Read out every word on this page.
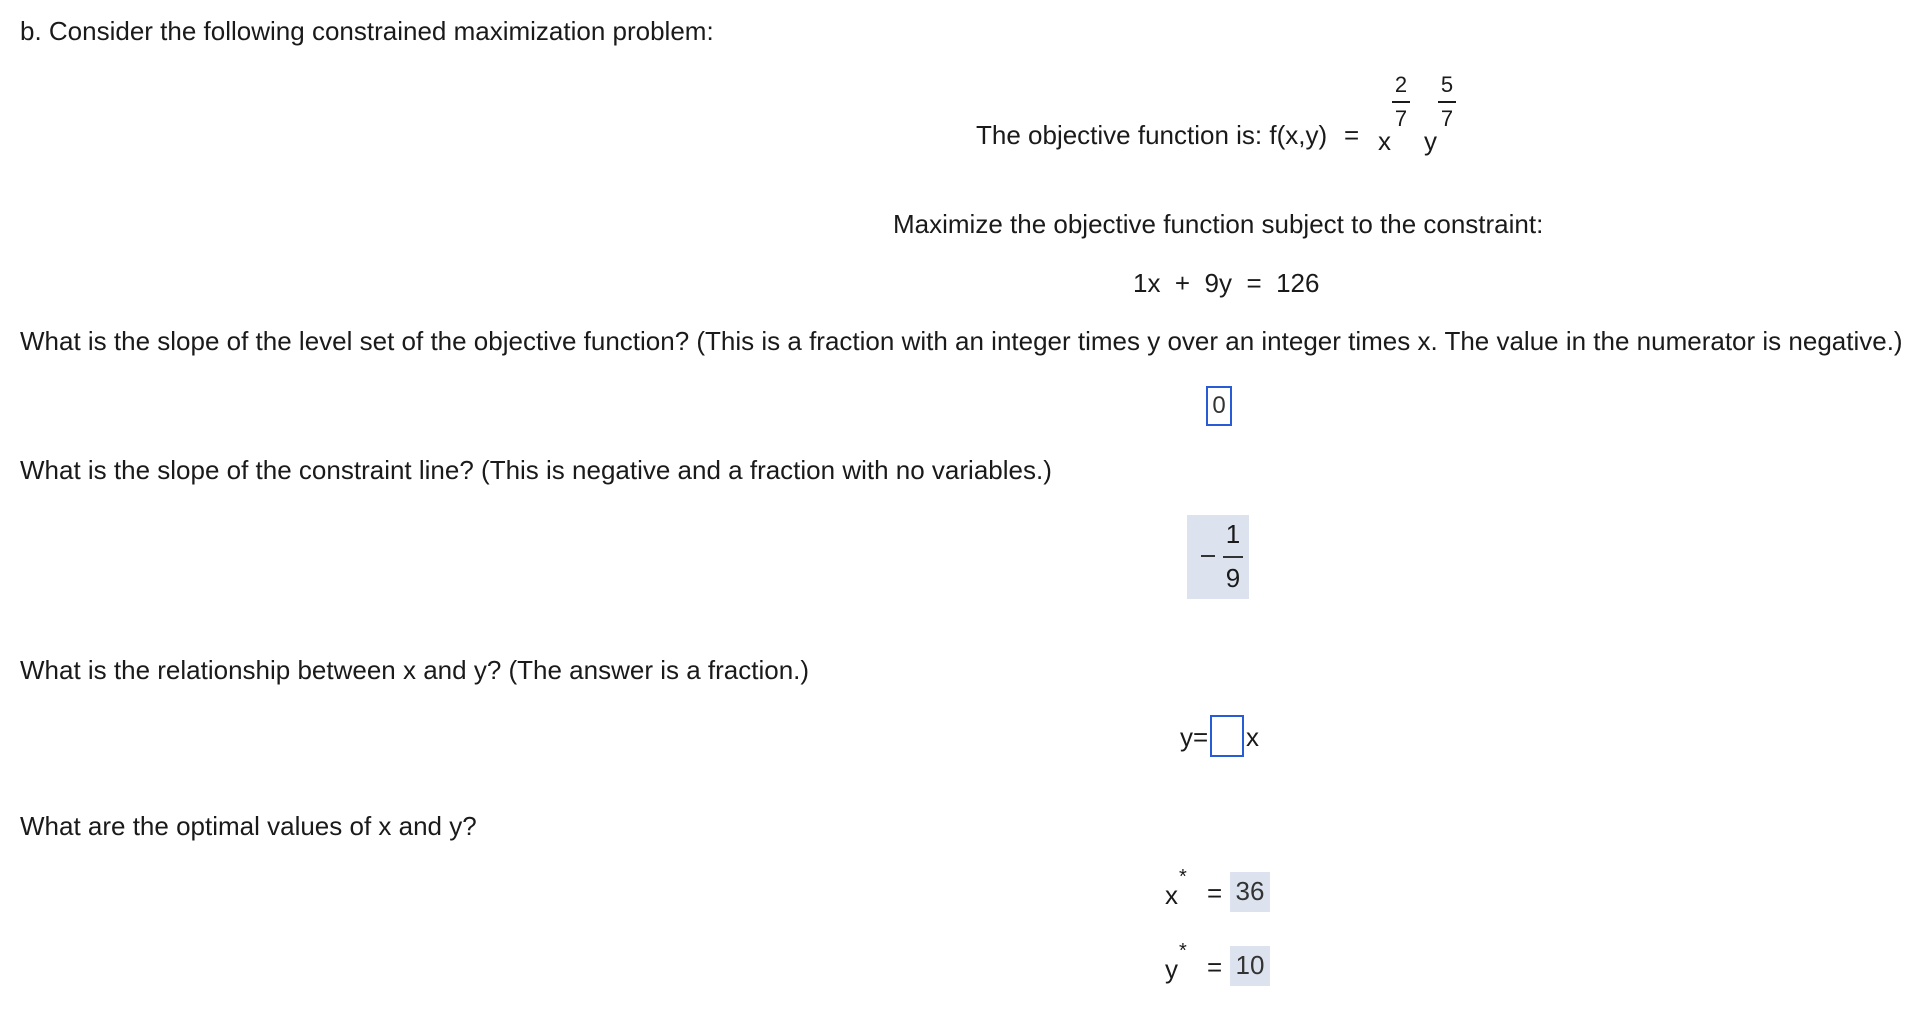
b. Consider the following constrained maximization problem:
The objective function is: f(x,y) = x
2
7
y
5
7
Maximize the objective function subject to the constraint:
1x  +  9y  =  126
What is the slope of the level set of the objective function? (This is a fraction with an integer times y over an integer times x. The value in the numerator is negative.)
0
What is the slope of the constraint line? (This is negative and a fraction with no variables.)
1
9
What is the relationship between x and y? (The answer is a fraction.)
y= x
What are the optimal values of x and y?
x
*
= 36
y
*
= 10
